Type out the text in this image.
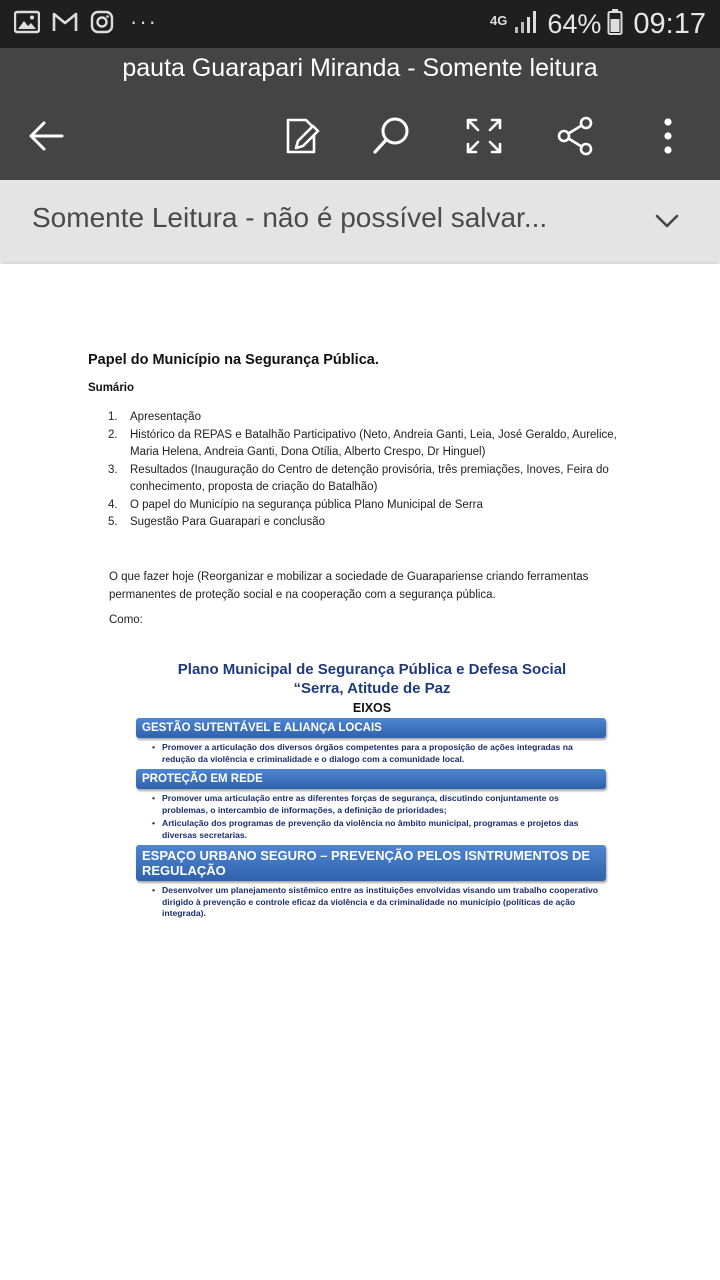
···	4G 64% 09:17
pauta Guarapari Miranda - Somente leitura
Somente Leitura - não é possível salvar...
Papel do Município na Segurança Pública.
Sumário
1. Apresentação
2. Histórico da REPAS e Batalhão Participativo (Neto, Andreia Ganti, Leia, José Geraldo, Aurelice, Maria Helena, Andreia Ganti, Dona Otília, Alberto Crespo, Dr Hinguel)
3. Resultados (Inauguração do Centro de detenção provisória, três premiações, Inoves, Feira do conhecimento, proposta de criação do Batalhão)
4. O papel do Município na segurança pública Plano Municipal de Serra
5. Sugestão Para Guarapari e conclusão
O que fazer hoje (Reorganizar e mobilizar a sociedade de Guarapariense criando ferramentas permanentes de proteção social e na cooperação com a segurança pública.
Como:
Plano Municipal de Segurança Pública e Defesa Social
“Serra, Atitude de Paz
EIXOS
GESTÃO SUTENTÁVEL E ALIANÇA LOCAIS
• Promover a articulação dos diversos órgãos competentes para a proposição de ações integradas na redução da violência e criminalidade e o dialogo com a comunidade local.
PROTEÇÃO EM REDE
• Promover uma articulação entre as diferentes forças de segurança, discutindo conjuntamente os problemas, o intercambio de informações, a definição de prioridades;
• Articulação dos programas de prevenção da violência no âmbito municipal, programas e projetos das diversas secretarias.
ESPAÇO URBANO SEGURO – PREVENÇÃO PELOS ISNTRUMENTOS DE REGULAÇÃO
• Desenvolver um planejamento sistêmico entre as instituições envolvidas visando um trabalho cooperativo dirigido à prevenção e controle eficaz da violência e da criminalidade no município (políticas de ação integrada).
